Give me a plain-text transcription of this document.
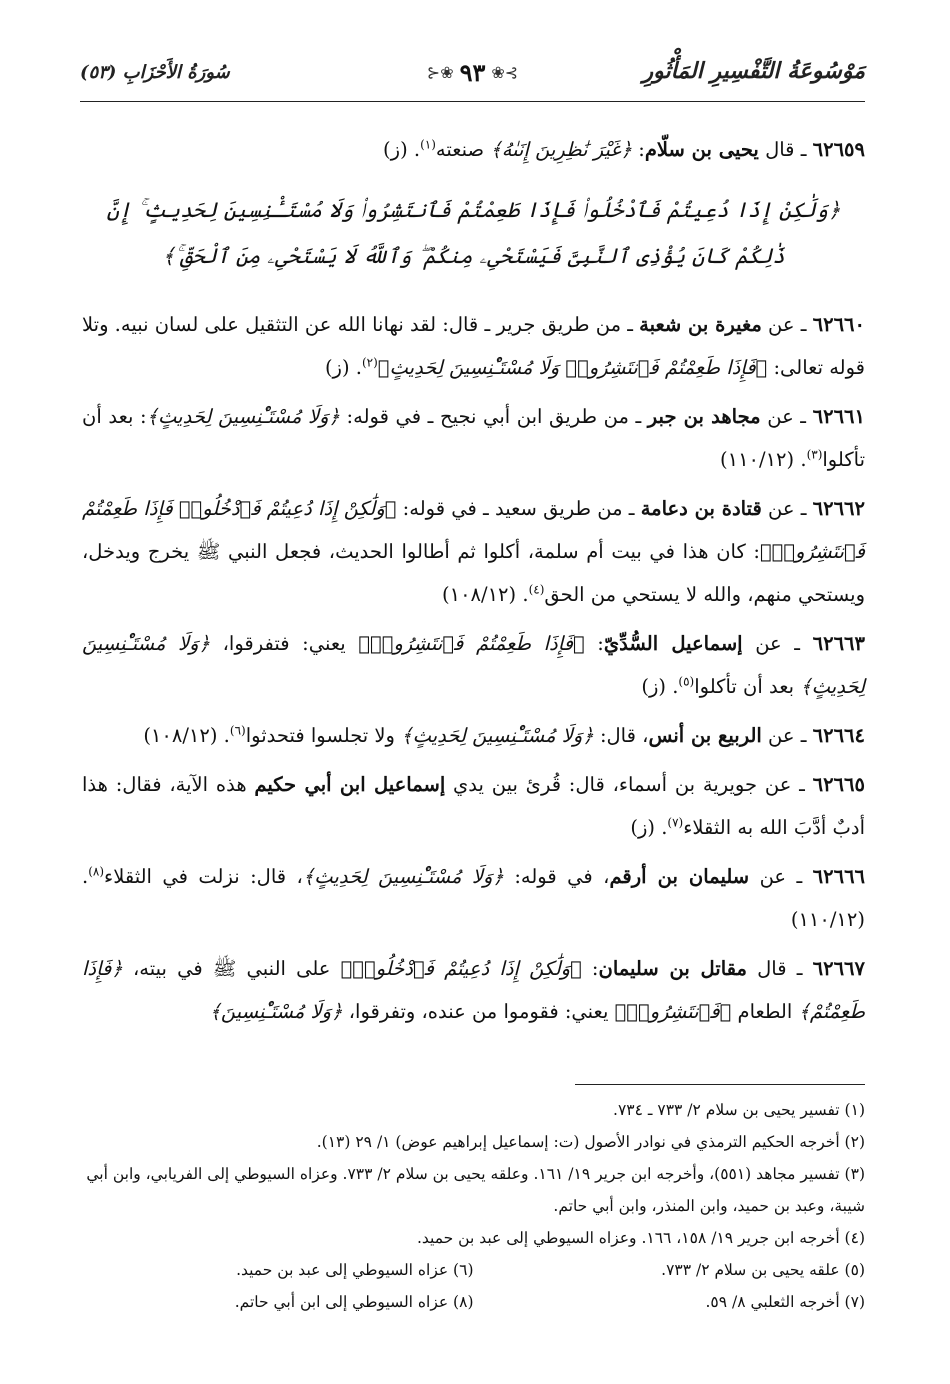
مَوْسُوعَةُ التَّفْسِيرِ المَأْثُورِ
⊱❀ ٩٣ ❀⊰
سُورَةُ الأَحْزَابِ (٥٣)

٦٢٦٥٩ ـ قال يحيى بن سلّام: ﴿غَيْرَ نَٰظِرِينَ إِنَىٰهُ﴾ صنعته$^{(١)}$. (ز)

﴿وَلَٰكِنْ إِذَا دُعِيتُمْ فَٱدْخُلُوا۟ فَإِذَا طَعِمْتُمْ فَٱنتَشِرُوا۟ وَلَا مُسْتَـْٔنِسِينَ لِحَدِيثٍ ۚ إِنَّ ذَٰلِكُمْ كَانَ يُؤْذِى ٱلنَّبِىَّ فَيَسْتَحْىِۦ مِنكُمْ ۖ وَٱللَّهُ لَا يَسْتَحْىِۦ مِنَ ٱلْحَقِّ ۚ﴾

٦٢٦٦٠ ـ عن مغيرة بن شعبة ـ من طريق جرير ـ قال: لقد نهانا الله عن التثقيل على لسان نبيه. وتلا قوله تعالى: ﴿فَإِذَا طَعِمْتُمْ فَٱنتَشِرُوا۟ وَلَا مُسْتَـْٔنِسِينَ لِحَدِيثٍ﴾$^{(٢)}$. (ز)

٦٢٦٦١ ـ عن مجاهد بن جبر ـ من طريق ابن أبي نجيح ـ في قوله: ﴿وَلَا مُسْتَـْٔنِسِينَ لِحَدِيثٍ﴾: بعد أن تأكلوا$^{(٣)}$. (١١٠/١٢)

٦٢٦٦٢ ـ عن قتادة بن دعامة ـ من طريق سعيد ـ في قوله: ﴿وَلَٰكِنْ إِذَا دُعِيتُمْ فَٱدْخُلُوا۟ فَإِذَا طَعِمْتُمْ فَٱنتَشِرُوا۟﴾: كان هذا في بيت أم سلمة، أكلوا ثم أطالوا الحديث، فجعل النبي ﷺ يخرج ويدخل، ويستحي منهم، والله لا يستحي من الحق$^{(٤)}$. (١٠٨/١٢)

٦٢٦٦٣ ـ عن إسماعيل السُّدِّيّ: ﴿فَإِذَا طَعِمْتُمْ فَٱنتَشِرُوا۟﴾ يعني: فتفرقوا، ﴿وَلَا مُسْتَـْٔنِسِينَ لِحَدِيثٍ﴾ بعد أن تأكلوا$^{(٥)}$. (ز)

٦٢٦٦٤ ـ عن الربيع بن أنس، قال: ﴿وَلَا مُسْتَـْٔنِسِينَ لِحَدِيثٍ﴾ ولا تجلسوا فتحدثوا$^{(٦)}$. (١٠٨/١٢)

٦٢٦٦٥ ـ عن جويرية بن أسماء، قال: قُرئ بين يدي إسماعيل ابن أبي حكيم هذه الآية، فقال: هذا أدبٌ أدَّبَ الله به الثقلاء$^{(٧)}$. (ز)

٦٢٦٦٦ ـ عن سليمان بن أرقم، في قوله: ﴿وَلَا مُسْتَـْٔنِسِينَ لِحَدِيثٍ﴾، قال: نزلت في الثقلاء$^{(٨)}$. (١١٠/١٢)

٦٢٦٦٧ ـ قال مقاتل بن سليمان: ﴿وَلَٰكِنْ إِذَا دُعِيتُمْ فَٱدْخُلُوا۟﴾ على النبي ﷺ في بيته، ﴿فَإِذَا طَعِمْتُمْ﴾ الطعام ﴿فَٱنتَشِرُوا۟﴾ يعني: فقوموا من عنده، وتفرقوا، ﴿وَلَا مُسْتَـْٔنِسِينَ﴾

(١) تفسير يحيى بن سلام ٢/ ٧٣٣ ـ ٧٣٤.

(٢) أخرجه الحكيم الترمذي في نوادر الأصول (ت: إسماعيل إبراهيم عوض) ١/ ٢٩ (١٣).

(٣) تفسير مجاهد (٥٥١)، وأخرجه ابن جرير ١٩/ ١٦١. وعلقه يحيى بن سلام ٢/ ٧٣٣. وعزاه السيوطي إلى الفريابي، وابن أبي شيبة، وعبد بن حميد، وابن المنذر، وابن أبي حاتم.

(٤) أخرجه ابن جرير ١٩/ ١٥٨، ١٦٦. وعزاه السيوطي إلى عبد بن حميد.

(٥) علقه يحيى بن سلام ٢/ ٧٣٣.

(٦) عزاه السيوطي إلى عبد بن حميد.

(٧) أخرجه الثعلبي ٨/ ٥٩.

(٨) عزاه السيوطي إلى ابن أبي حاتم.
